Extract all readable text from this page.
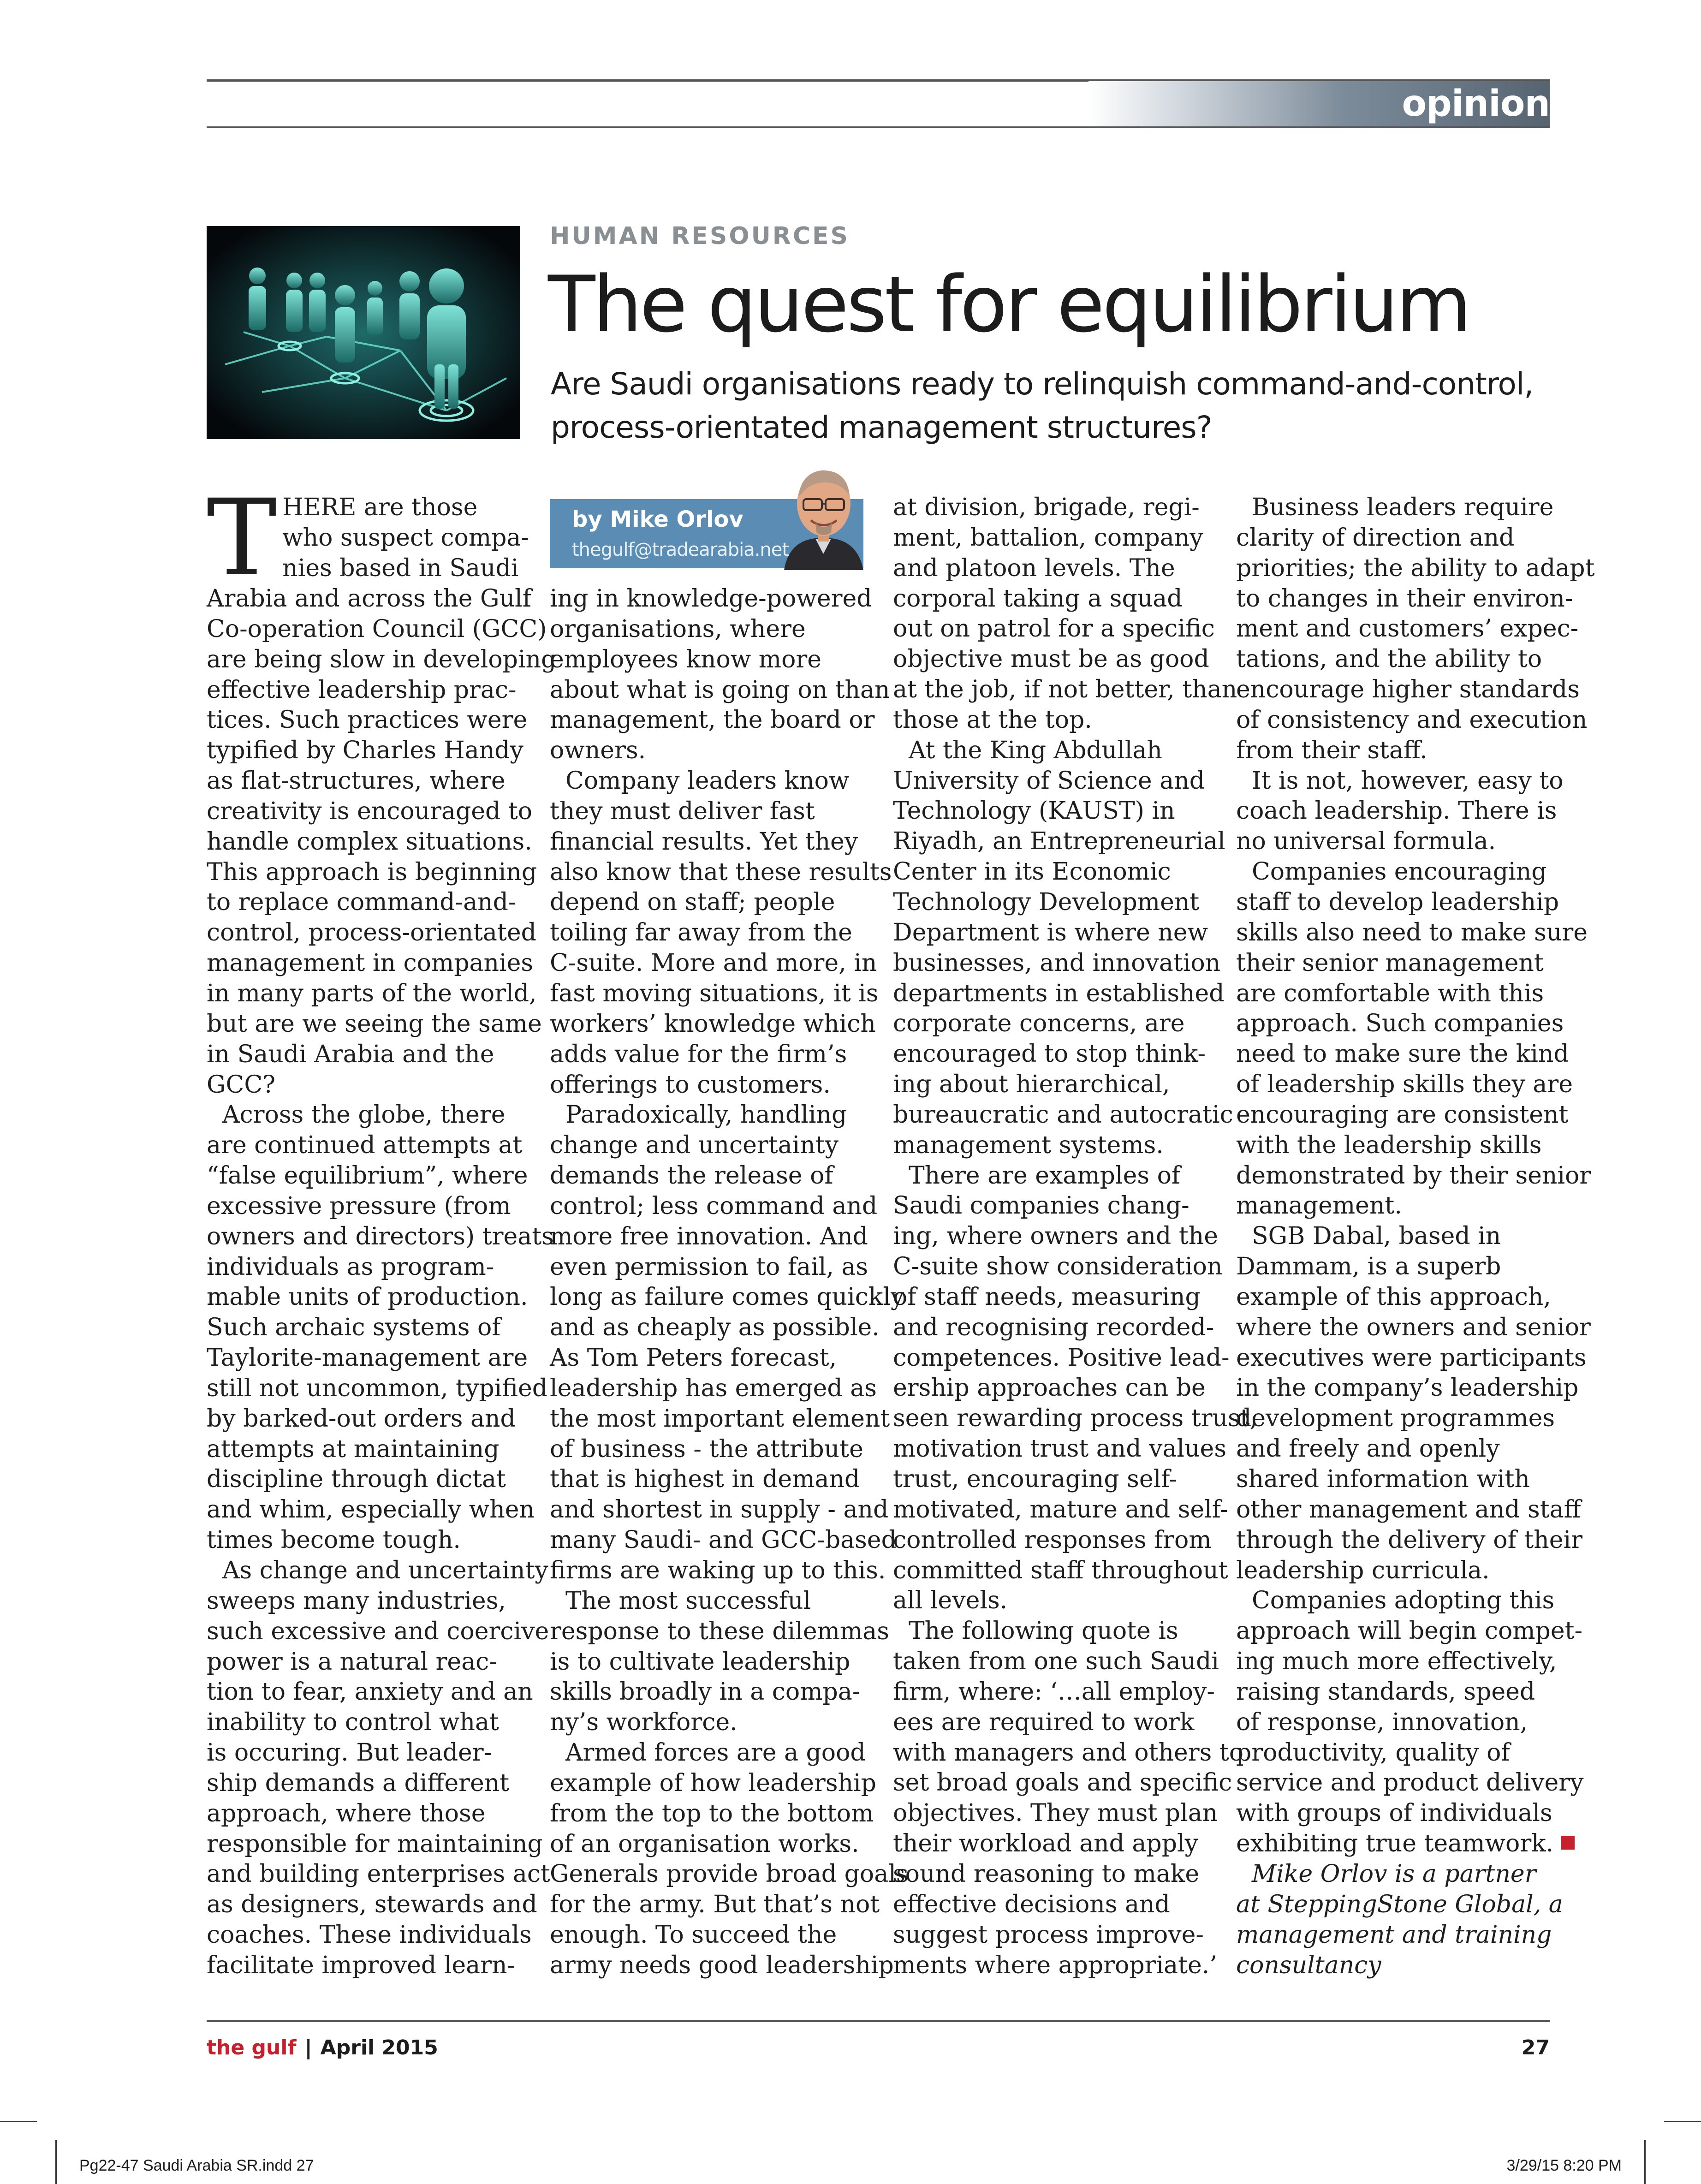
opinion
HUMAN RESOURCES
The quest for equilibrium
Are Saudi organisations ready to relinquish command-and-control,
process-orientated management structures?
by Mike Orlov
thegulf@tradearabia.net
T HERE are those
who suspect compa-
nies based in Saudi

Arabia and across the Gulf
Co-operation Council (GCC)
are being slow in developing
effective leadership prac-
tices. Such practices were
typified by Charles Handy
as flat-structures, where
creativity is encouraged to
handle complex situations.
This approach is beginning
to replace command-and-
control, process-orientated
management in companies
in many parts of the world,
but are we seeing the same
in Saudi Arabia and the
GCC?

Across the globe, there
are continued attempts at
“false equilibrium”, where
excessive pressure (from
owners and directors) treats
individuals as program-
mable units of production.
Such archaic systems of
Taylorite-management are
still not uncommon, typified
by barked-out orders and
attempts at maintaining
discipline through dictat
and whim, especially when
times become tough.

As change and uncertainty
sweeps many industries,
such excessive and coercive
power is a natural reac-
tion to fear, anxiety and an
inability to control what
is occuring. But leader-
ship demands a different
approach, where those
responsible for maintaining
and building enterprises act
as designers, stewards and
coaches. These individuals
facilitate improved learn-

ing in knowledge-powered
organisations, where
employees know more
about what is going on than
management, the board or
owners.

Company leaders know
they must deliver fast
financial results. Yet they
also know that these results
depend on staff; people
toiling far away from the
C-suite. More and more, in
fast moving situations, it is
workers’ knowledge which
adds value for the firm’s
offerings to customers.

Paradoxically, handling
change and uncertainty
demands the release of
control; less command and
more free innovation. And
even permission to fail, as
long as failure comes quickly
and as cheaply as possible.
As Tom Peters forecast,
leadership has emerged as
the most important element
of business - the attribute
that is highest in demand
and shortest in supply - and
many Saudi- and GCC-based
firms are waking up to this.

The most successful
response to these dilemmas
is to cultivate leadership
skills broadly in a compa-
ny’s workforce.

Armed forces are a good
example of how leadership
from the top to the bottom
of an organisation works.
Generals provide broad goals
for the army. But that’s not
enough. To succeed the
army needs good leadership

at division, brigade, regi-
ment, battalion, company
and platoon levels. The
corporal taking a squad
out on patrol for a specific
objective must be as good
at the job, if not better, than
those at the top.

At the King Abdullah
University of Science and
Technology (KAUST) in
Riyadh, an Entrepreneurial
Center in its Economic
Technology Development
Department is where new
businesses, and innovation
departments in established
corporate concerns, are
encouraged to stop think-
ing about hierarchical,
bureaucratic and autocratic
management systems.

There are examples of
Saudi companies chang-
ing, where owners and the
C-suite show consideration
of staff needs, measuring
and recognising recorded-
competences. Positive lead-
ership approaches can be
seen rewarding process trust,
motivation trust and values
trust, encouraging self-
motivated, mature and self-
controlled responses from
committed staff throughout
all levels.

The following quote is
taken from one such Saudi
firm, where: ‘…all employ-
ees are required to work
with managers and others to
set broad goals and specific
objectives. They must plan
their workload and apply
sound reasoning to make
effective decisions and
suggest process improve-
ments where appropriate.’

Business leaders require
clarity of direction and
priorities; the ability to adapt
to changes in their environ-
ment and customers’ expec-
tations, and the ability to
encourage higher standards
of consistency and execution
from their staff.

It is not, however, easy to
coach leadership. There is
no universal formula.

Companies encouraging
staff to develop leadership
skills also need to make sure
their senior management
are comfortable with this
approach. Such companies
need to make sure the kind
of leadership skills they are
encouraging are consistent
with the leadership skills
demonstrated by their senior
management.

SGB Dabal, based in
Dammam, is a superb
example of this approach,
where the owners and senior
executives were participants
in the company’s leadership
development programmes
and freely and openly
shared information with
other management and staff
through the delivery of their
leadership curricula.

Companies adopting this
approach will begin compet-
ing much more effectively,
raising standards, speed
of response, innovation,
productivity, quality of
service and product delivery
with groups of individuals
exhibiting true teamwork.

Mike Orlov is a partner
at SteppingStone Global, a
management and training
consultancy

the gulf | April 2015	27
Pg22-47 Saudi Arabia SR.indd 27	3/29/15 8:20 PM
